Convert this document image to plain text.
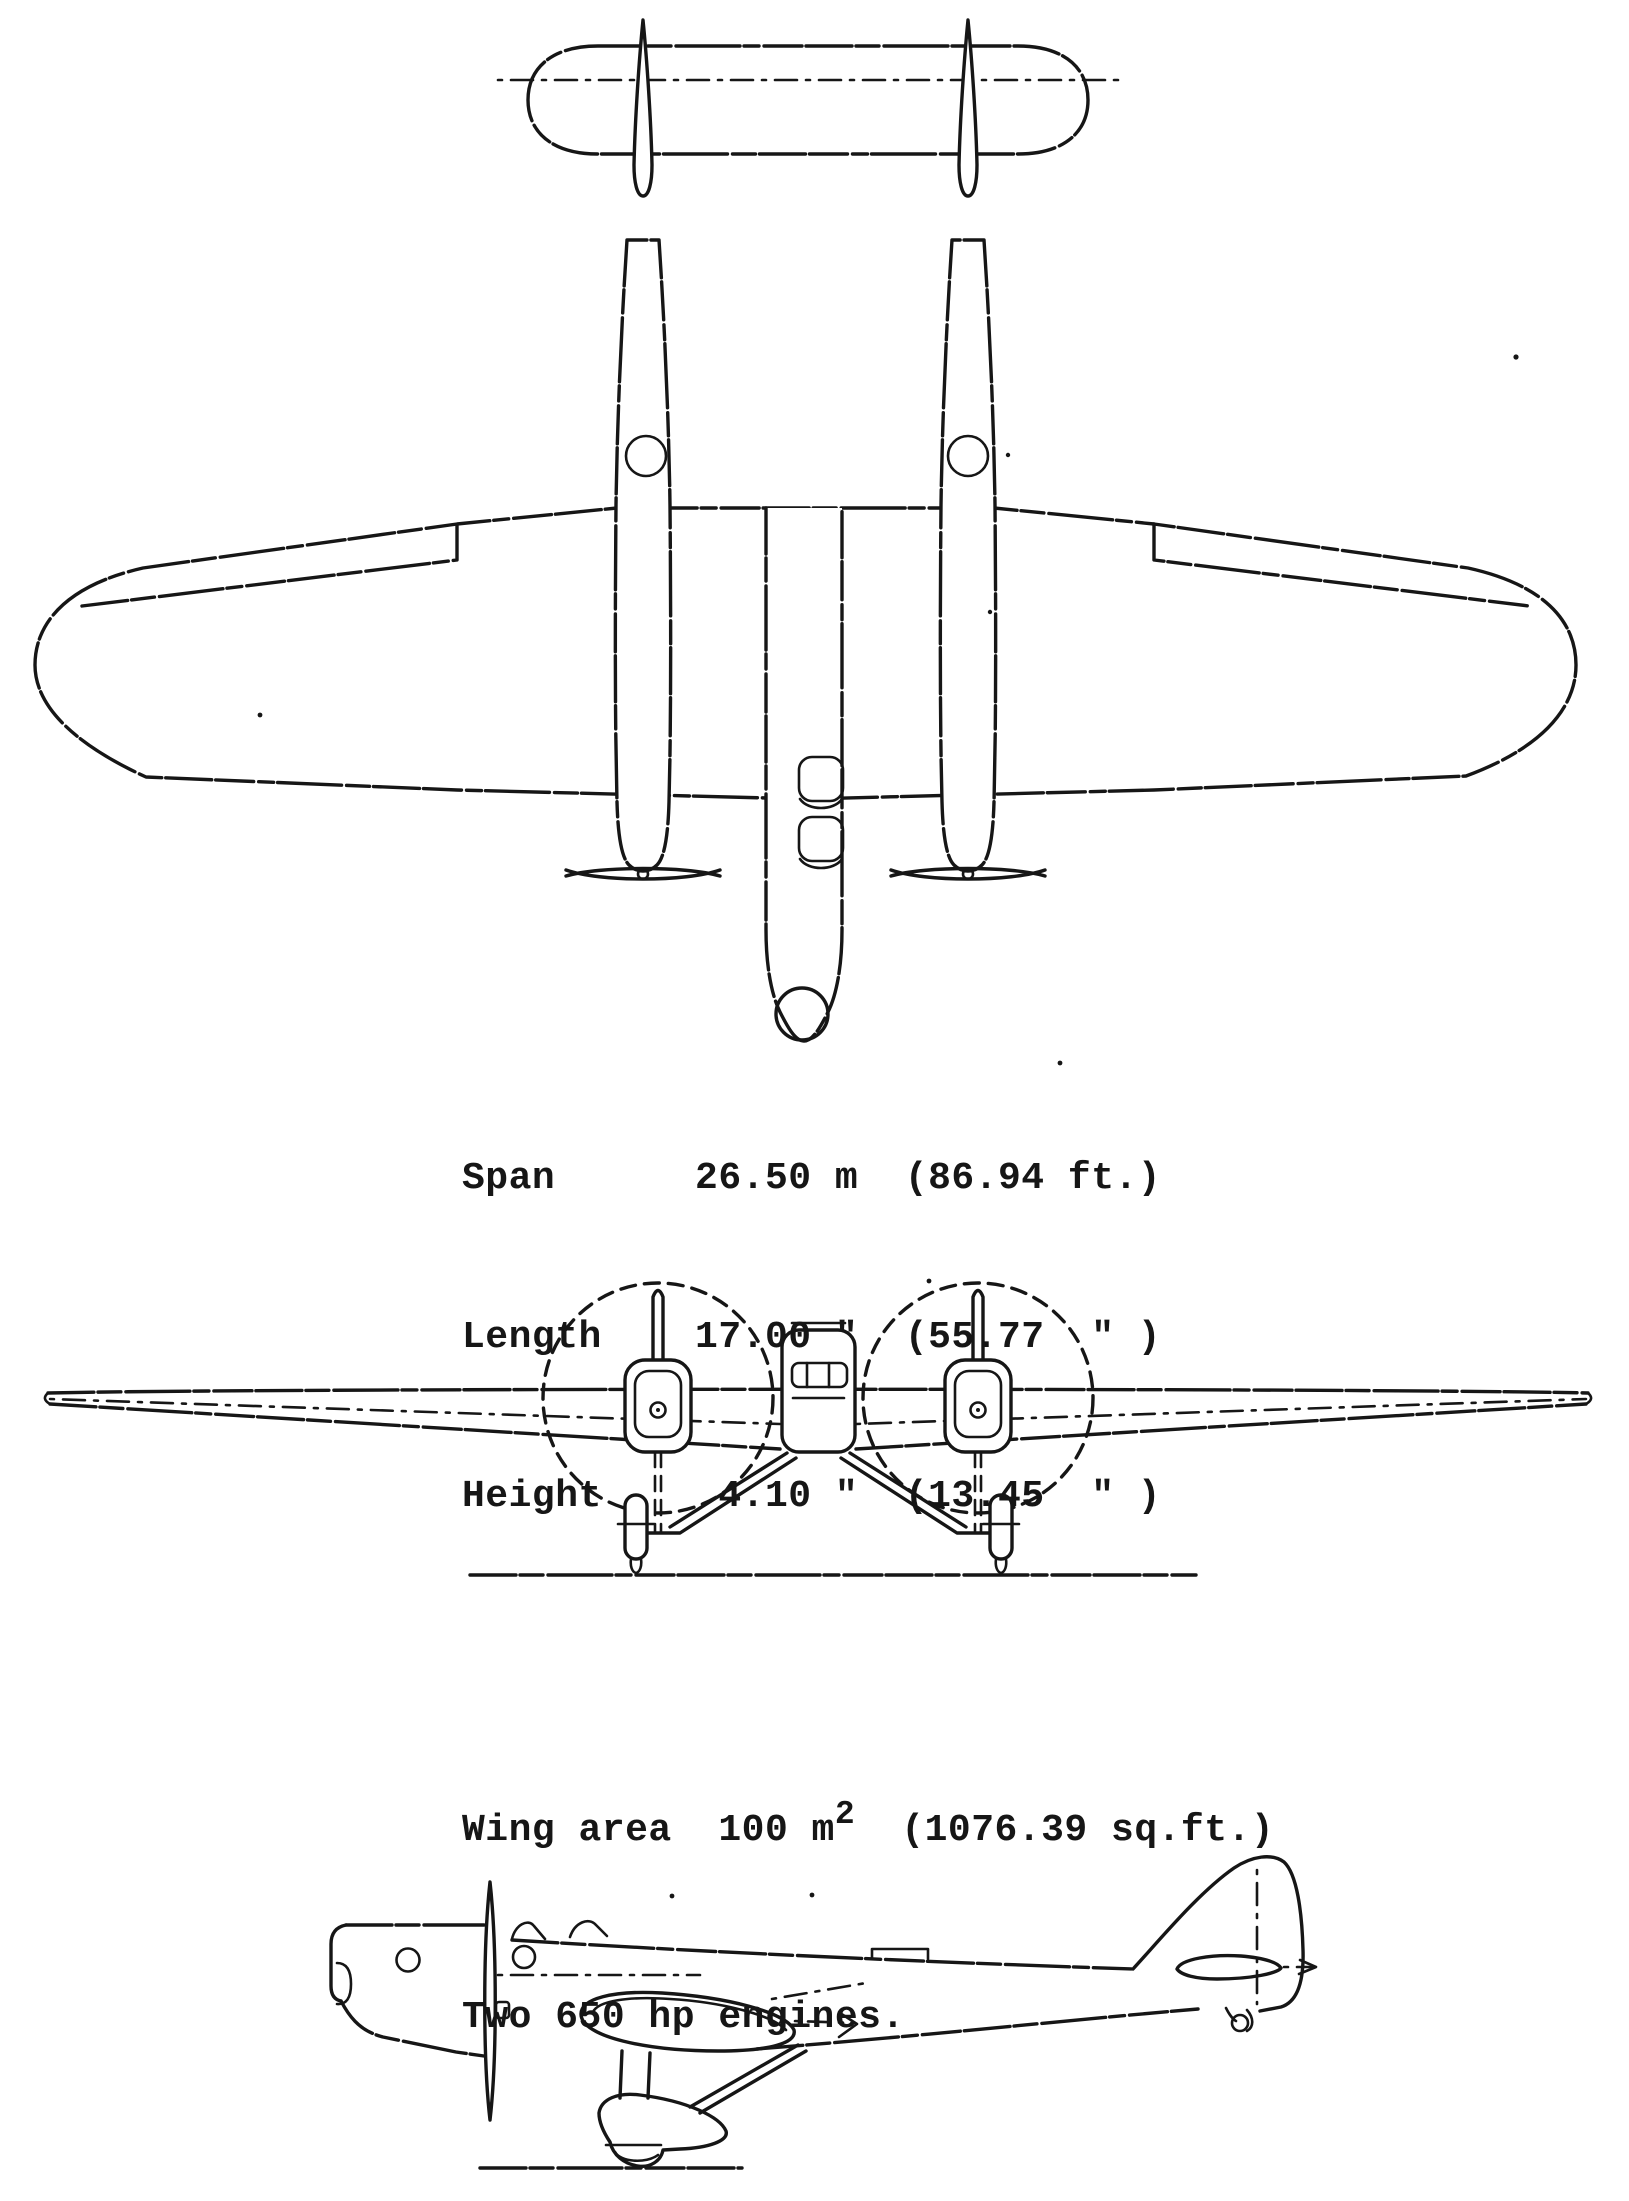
Span      26.50 m  (86.94 ft.)

Length    17.00 "  (55.77  " )

Height     4.10 "  (13.45  " )

Wing area  100 m2  (1076.39 sq.ft.)

Two 650 hp engines.
